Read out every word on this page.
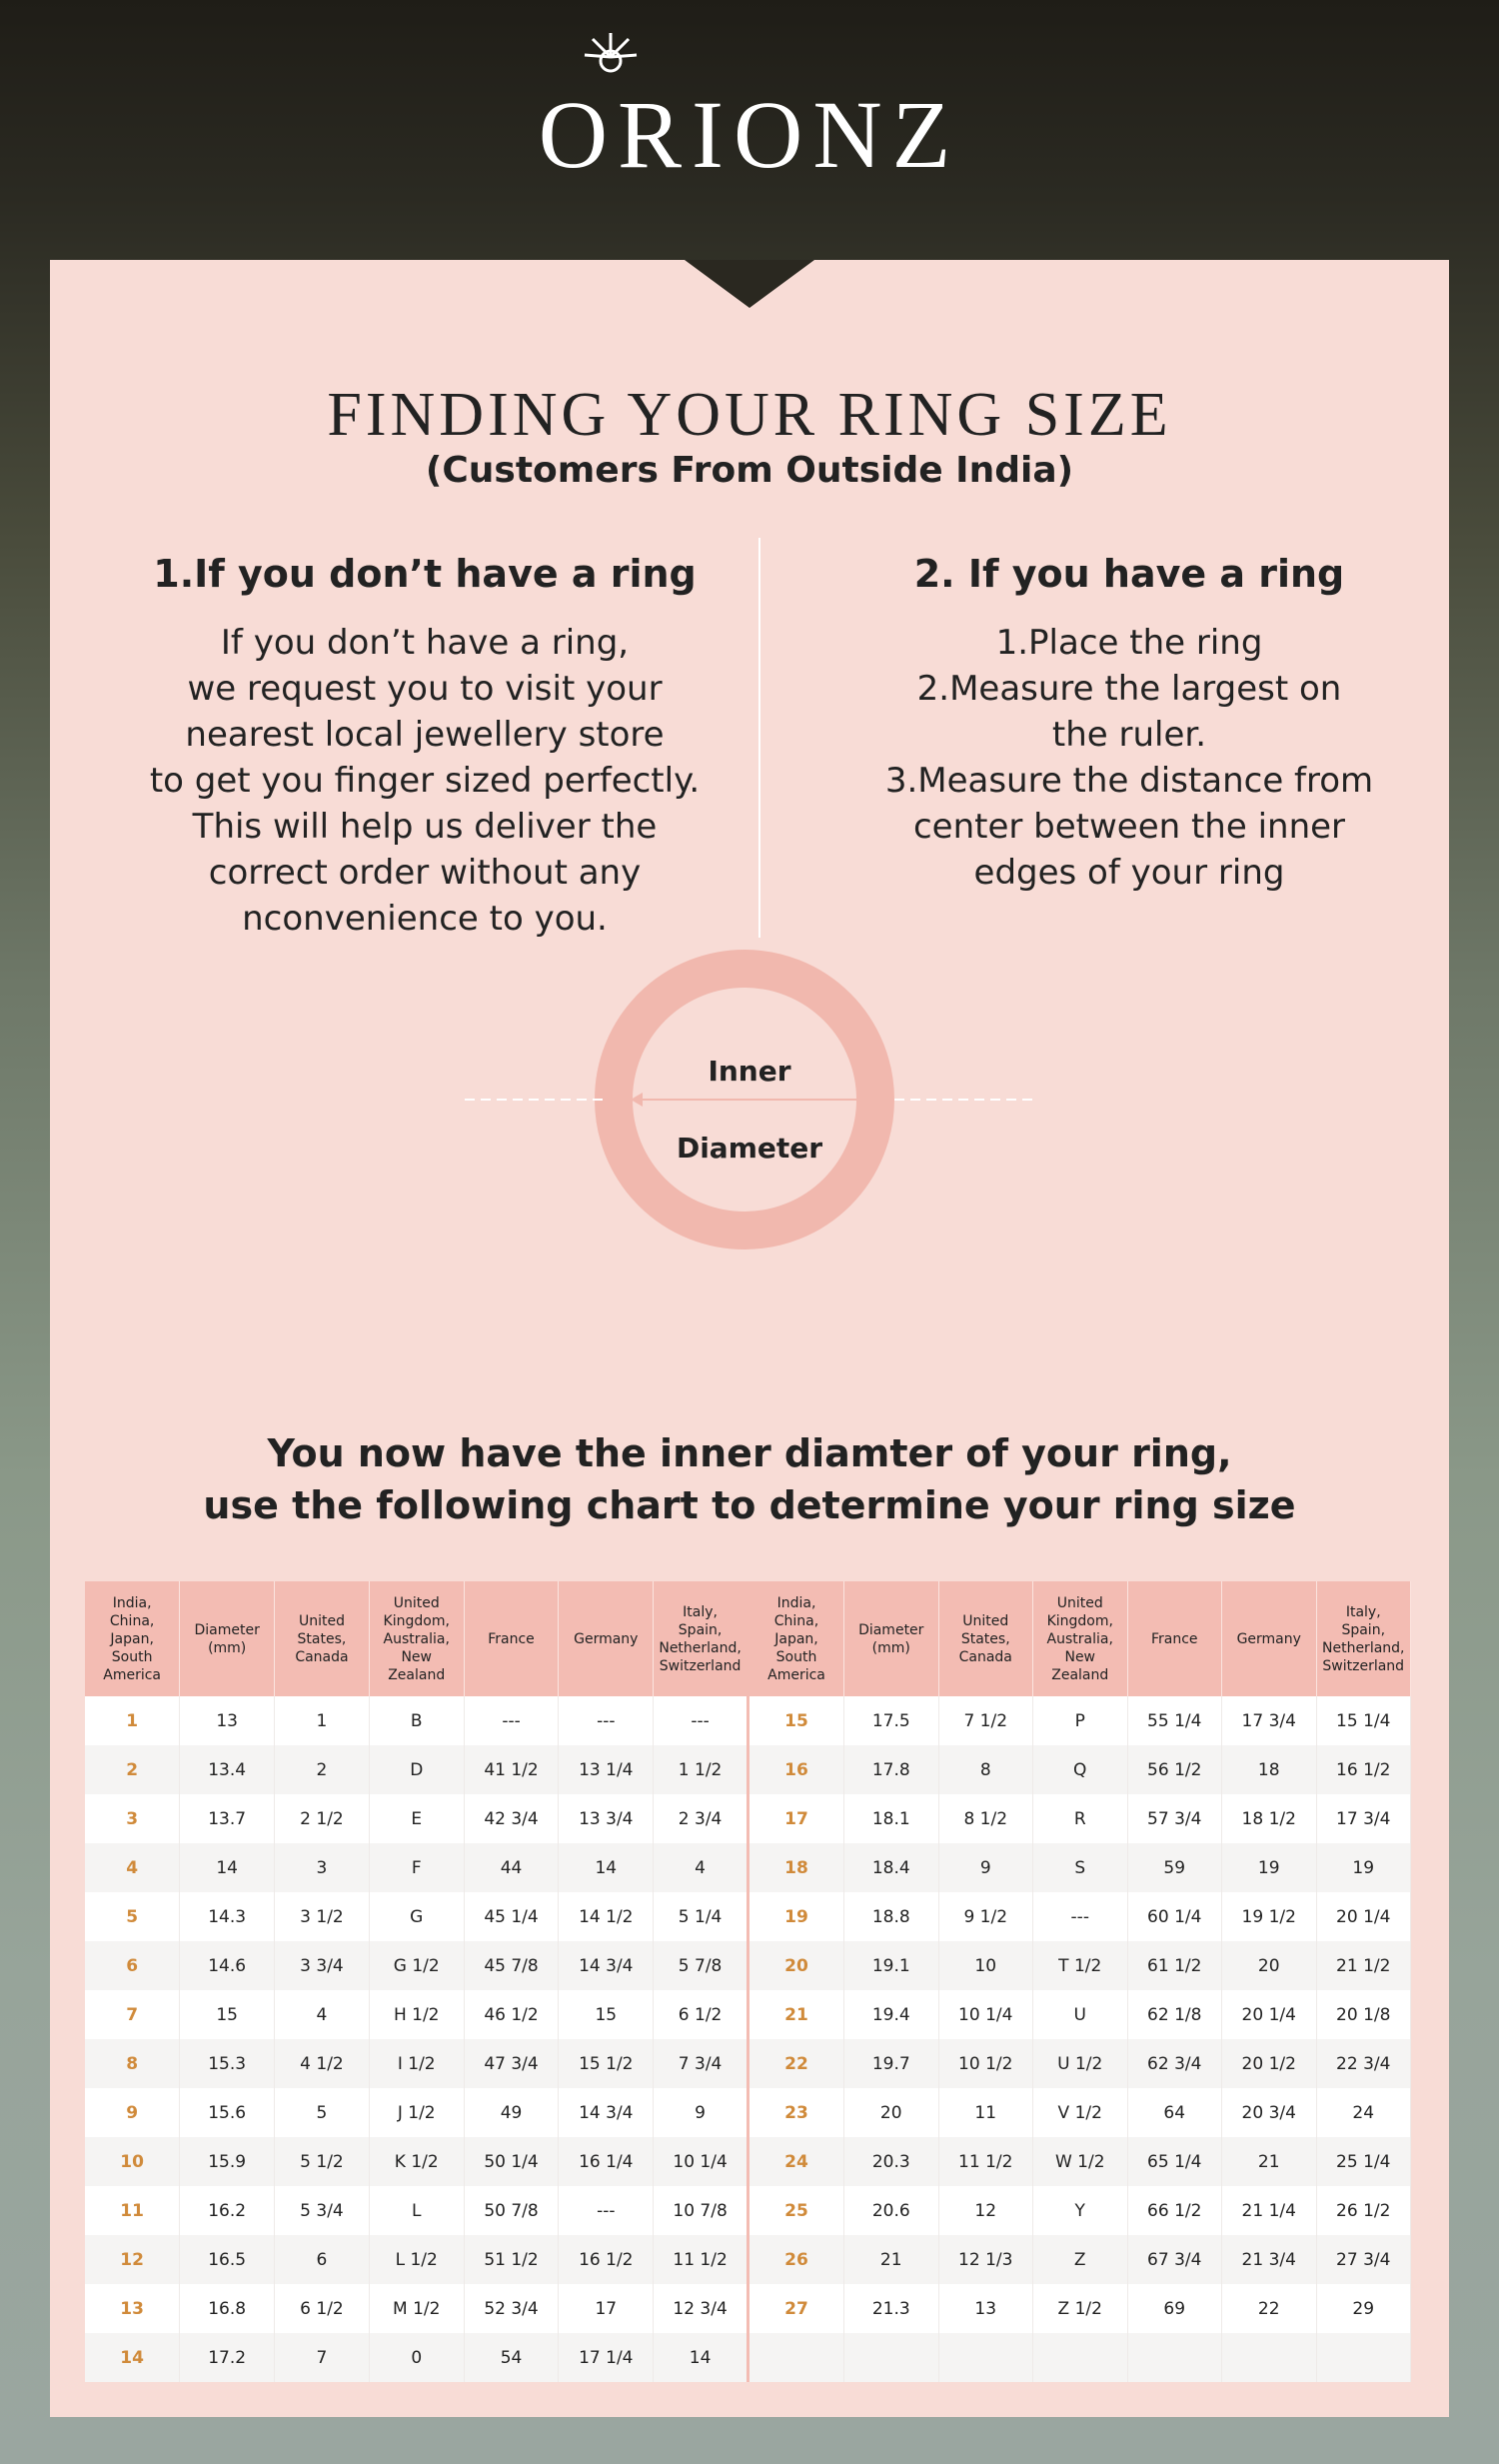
ORIONZ
FINDING YOUR RING SIZE
(Customers From Outside India)
1.If you don’t have a ring

If you don’t have a ring,
we request you to visit your
nearest local jewellery store
to get you finger sized perfectly.
This will help us deliver the
correct order without any
nconvenience to you.

2. If you have a ring

1.Place the ring
2.Measure the largest on
the ruler.
3.Measure the distance from
center between the inner
edges of your ring

Inner
Diameter
You now have the inner diamter of your ring,
use the following chart to determine your ring size
India,
China,
Japan,
South
America	Diameter
(mm)	United
States,
Canada	United
Kingdom,
Australia,
New
Zealand	France	Germany	Italy,
Spain,
Netherland,
Switzerland
1	13	1	B	---	---	---
2	13.4	2	D	41 1/2	13 1/4	1 1/2
3	13.7	2 1/2	E	42 3/4	13 3/4	2 3/4
4	14	3	F	44	14	4
5	14.3	3 1/2	G	45 1/4	14 1/2	5 1/4
6	14.6	3 3/4	G 1/2	45 7/8	14 3/4	5 7/8
7	15	4	H 1/2	46 1/2	15	6 1/2
8	15.3	4 1/2	I 1/2	47 3/4	15 1/2	7 3/4
9	15.6	5	J 1/2	49	14 3/4	9
10	15.9	5 1/2	K 1/2	50 1/4	16 1/4	10 1/4
11	16.2	5 3/4	L	50 7/8	---	10 7/8
12	16.5	6	L 1/2	51 1/2	16 1/2	11 1/2
13	16.8	6 1/2	M 1/2	52 3/4	17	12 3/4
14	17.2	7	0	54	17 1/4	14
India,
China,
Japan,
South
America	Diameter
(mm)	United
States,
Canada	United
Kingdom,
Australia,
New
Zealand	France	Germany	Italy,
Spain,
Netherland,
Switzerland
15	17.5	7 1/2	P	55 1/4	17 3/4	15 1/4
16	17.8	8	Q	56 1/2	18	16 1/2
17	18.1	8 1/2	R	57 3/4	18 1/2	17 3/4
18	18.4	9	S	59	19	19
19	18.8	9 1/2	---	60 1/4	19 1/2	20 1/4
20	19.1	10	T 1/2	61 1/2	20	21 1/2
21	19.4	10 1/4	U	62 1/8	20 1/4	20 1/8
22	19.7	10 1/2	U 1/2	62 3/4	20 1/2	22 3/4
23	20	11	V 1/2	64	20 3/4	24
24	20.3	11 1/2	W 1/2	65 1/4	21	25 1/4
25	20.6	12	Y	66 1/2	21 1/4	26 1/2
26	21	12 1/3	Z	67 3/4	21 3/4	27 3/4
27	21.3	13	Z 1/2	69	22	29
